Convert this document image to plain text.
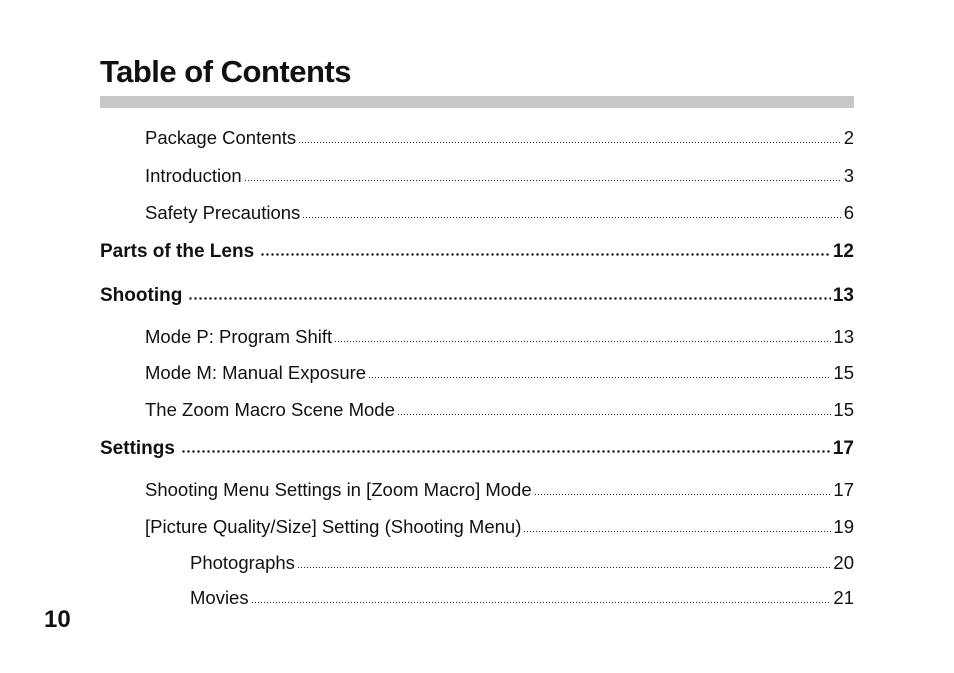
Table of Contents
Package Contents	2
Introduction	3
Safety Precautions	6
Parts of the Lens	12
Shooting	13
Mode P: Program Shift	13
Mode M: Manual Exposure	15
The Zoom Macro Scene Mode	15
Settings	17
Shooting Menu Settings in [Zoom Macro] Mode	17
[Picture Quality/Size] Setting (Shooting Menu)	19
Photographs	20
Movies	21
10
